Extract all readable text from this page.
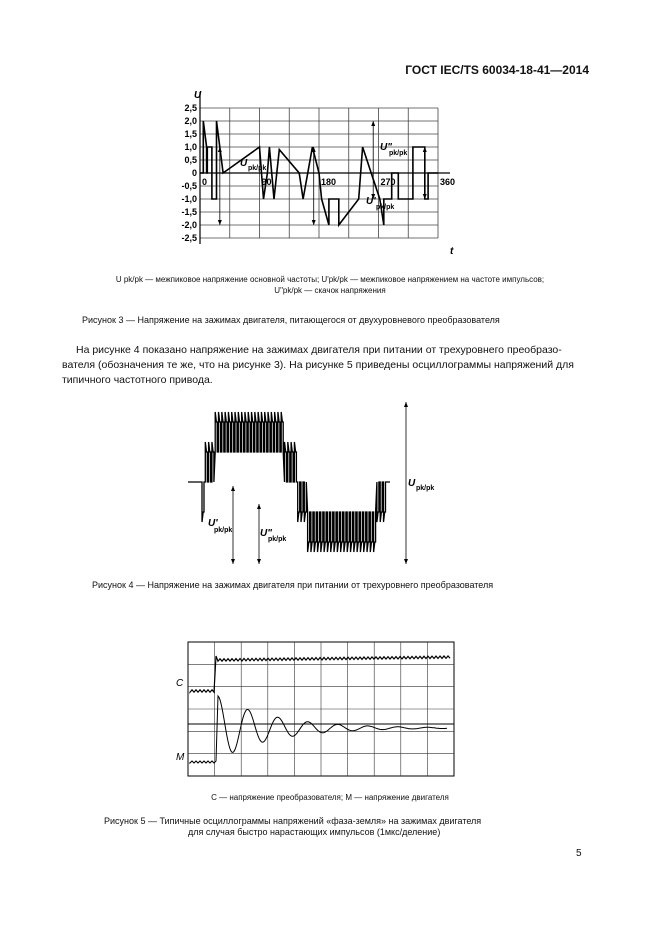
ГОСТ IEC/TS 60034-18-41—2014
2,5
2,0
1,5
1,0
0,5
0
-0,5
-1,0
-1,5
-2,0
-2,5
0	90	180	270	360
U
t
U pk/pk
U"
pk/pk
U'
pk/pk
U pk/pk — межпиковое напряжение основной частоты; U'pk/pk — межпиковое напряжением на частоте импульсов;
U"pk/pk — скачок напряжения
Рисунок 3 — Напряжение на зажимах двигателя, питающегося от двухуровневого преобразователя
На рисунке 4 показано напряжение на зажимах двигателя при питании от трехуровнего преобразо-
вателя (обозначения те же, что на рисунке 3). На рисунке 5 приведены осциллограммы напряжений для
типичного частотного привода.
U pk/pk
U'
pk/pk	U"
pk/pk
Рисунок 4 — Напряжение на зажимах двигателя при питании от трехуровнего преобразователя
C
M
С — напряжение преобразователя; М — напряжение двигателя
Рисунок 5 — Типичные осциллограммы напряжений «фаза-земля» на зажимах двигателя
для случая быстро нарастающих импульсов (1мкс/деление)
5
